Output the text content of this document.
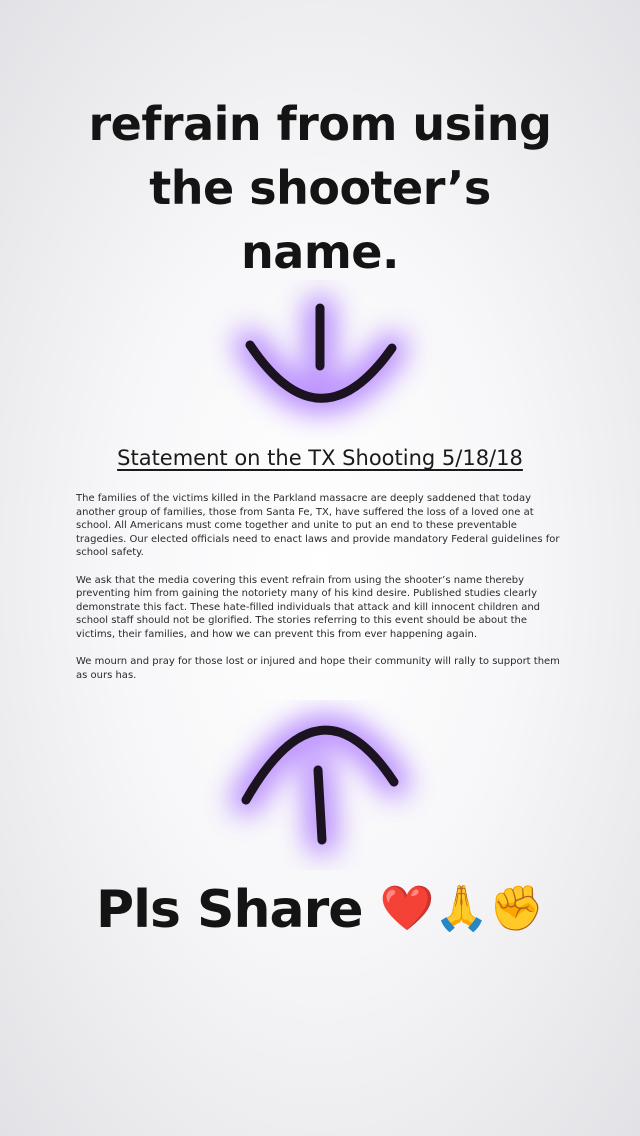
refrain from using
the shooter’s
name.
Statement on the TX Shooting 5/18/18

The families of the victims killed in the Parkland massacre are deeply saddened that today another group of families, those from Santa Fe, TX, have suffered the loss of a loved one at school. All Americans must come together and unite to put an end to these preventable tragedies. Our elected officials need to enact laws and provide mandatory Federal guidelines for school safety.

We ask that the media covering this event refrain from using the shooter’s name thereby preventing him from gaining the notoriety many of his kind desire. Published studies clearly demonstrate this fact. These hate-filled individuals that attack and kill innocent children and school staff should not be glorified. The stories referring to this event should be about the victims, their families, and how we can prevent this from ever happening again.

We mourn and pray for those lost or injured and hope their community will rally to support them as ours has.

Pls Share ❤️🙏✊
